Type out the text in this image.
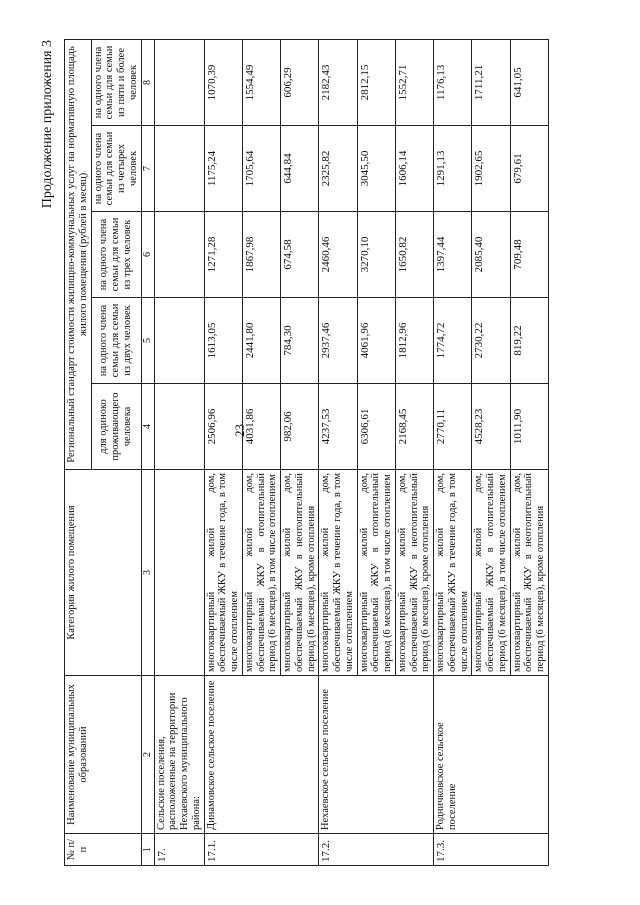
23
Продолжение приложения 3
№ п/п	Наименование муниципальных образований	Категория жилого помещения	Региональный стандарт стоимости жилищно-коммунальных услуг на нормативную площадь жилого помещения (рублей в месяц)				
			для одиноко проживающего человека	на одного члена семьи для семьи из двух человек	на одного члена семьи для семьи из трех человек	на одного члена семьи для семьи из четырех человек	на одного члена семьи для семьи из пяти и более человек
1	2	3	4	5	6	7	8
17.	Сельские поселения, расположенные на территории Нехаевского муниципального района:						
17.1.	Динамовское сельское поселение	многоквартирный жилой дом, обеспечиваемый ЖКУ в течение года, в том числе отоплением	2506,96	1613,05	1271,28	1175,24	1070,39
		многоквартирный жилой дом, обеспечиваемый ЖКУ в отопительный период (6 месяцев), в том числе отоплением	4031,86	2441,80	1867,98	1705,64	1554,49
		многоквартирный жилой дом, обеспечиваемый ЖКУ в неотопительный период (6 месяцев), кроме отопления	982,06	784,30	674,58	644,84	606,29
17.2.	Нехаевское сельское поселение	многоквартирный жилой дом, обеспечиваемый ЖКУ в течение года, в том числе отоплением	4237,53	2937,46	2460,46	2325,82	2182,43
		многоквартирный жилой дом, обеспечиваемый ЖКУ в отопительный период (6 месяцев), в том числе отоплением	6306,61	4061,96	3270,10	3045,50	2812,15
		многоквартирный жилой дом, обеспечиваемый ЖКУ в неотопительный период (6 месяцев), кроме отопления	2168,45	1812,96	1650,82	1606,14	1552,71
17.3.	Родничковское сельское поселение	многоквартирный жилой дом, обеспечиваемый ЖКУ в течение года, в том числе отоплением	2770,11	1774,72	1397,44	1291,13	1176,13
		многоквартирный жилой дом, обеспечиваемый ЖКУ в отопительный период (6 месяцев), в том числе отоплением	4528,23	2730,22	2085,40	1902,65	1711,21
		многоквартирный жилой дом, обеспечиваемый ЖКУ в неотопительный период (6 месяцев), кроме отопления	1011,90	819,22	709,48	679,61	641,05
